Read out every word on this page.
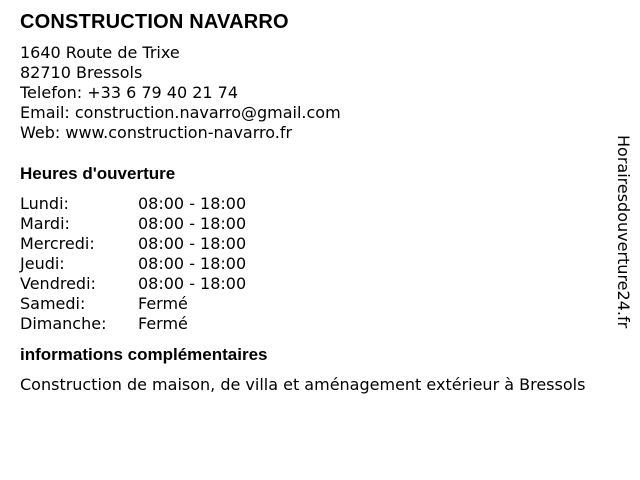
CONSTRUCTION NAVARRO
1640 Route de Trixe
82710 Bressols
Telefon: +33 6 79 40 21 74
Email: construction.navarro@gmail.com
Web: www.construction-navarro.fr
Heures d'ouverture
Lundi:	08:00 - 18:00
Mardi:	08:00 - 18:00
Mercredi:	08:00 - 18:00
Jeudi:	08:00 - 18:00
Vendredi:	08:00 - 18:00
Samedi:	Fermé
Dimanche:	Fermé
informations complémentaires
Construction de maison, de villa et aménagement extérieur à Bressols
Horairesdouverture24.fr
